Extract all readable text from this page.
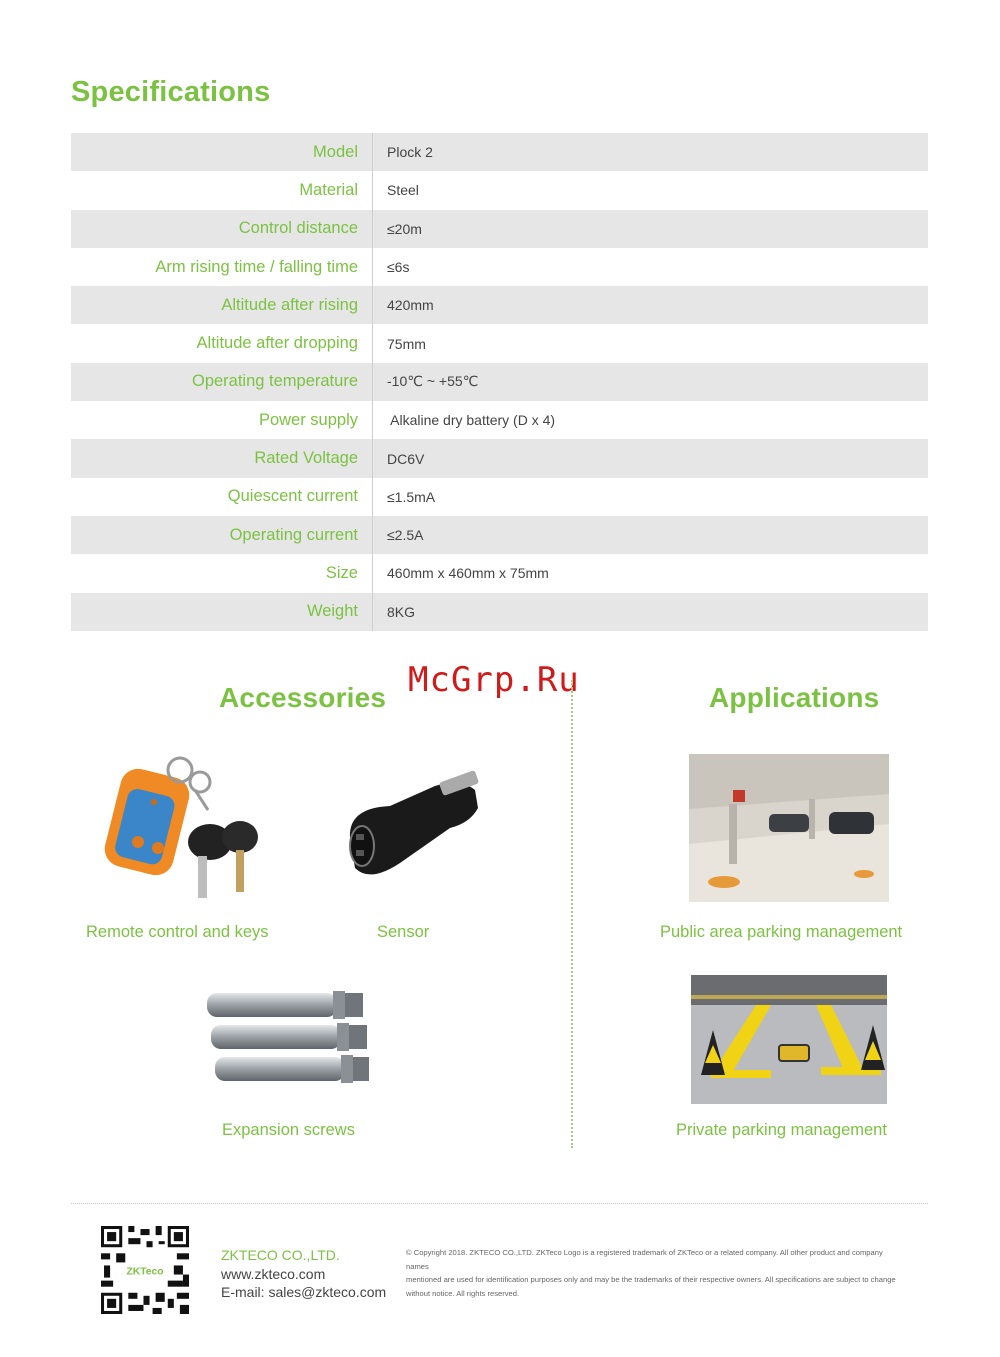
Specifications
Model	Plock 2
Material	Steel
Control distance	≤20m
Arm rising time / falling time	≤6s
Altitude after rising	420mm
Altitude after dropping	75mm
Operating temperature	-10℃ ~ +55℃
Power supply	Alkaline dry battery (D x 4)
Rated Voltage	DC6V
Quiescent current	≤1.5mA
Operating current	≤2.5A
Size	460mm x 460mm x 75mm
Weight	8KG
McGrp.Ru
Accessories	Applications
Remote control and keys	Sensor
Expansion screws
Public area parking management
Private parking management
ZKTeco
ZKTECO CO.,LTD.
www.zkteco.com
E-mail: sales@zkteco.com
© Copyright 2018. ZKTECO CO.,LTD. ZKTeco Logo is a registered trademark of ZKTeco or a related company. All other product and company names
mentioned are used for identification purposes only and may be the trademarks of their respective owners. All specifications are subject to change
without notice. All rights reserved.
